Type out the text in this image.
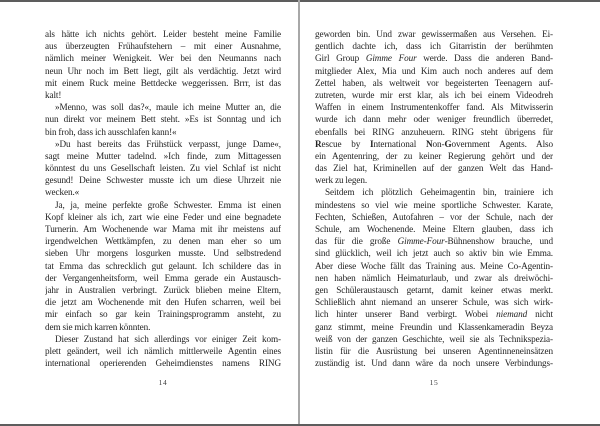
als hätte ich nichts gehört. Leider besteht meine Familie
aus überzeugten Frühaufstehern – mit einer Ausnahme,
nämlich meiner Wenigkeit. Wer bei den Neumanns nach
neun Uhr noch im Bett liegt, gilt als verdächtig. Jetzt wird
mit einem Ruck meine Bettdecke weggerissen. Brrr, ist das
kalt!
»Menno, was soll das?«, maule ich meine Mutter an, die
nun direkt vor meinem Bett steht. »Es ist Sonntag und ich
bin froh, dass ich ausschlafen kann!«
»Du hast bereits das Frühstück verpasst, junge Dame«,
sagt meine Mutter tadelnd. »Ich finde, zum Mittagessen
könntest du uns Gesellschaft leisten. Zu viel Schlaf ist nicht
gesund! Deine Schwester musste ich um diese Uhrzeit nie
wecken.«
Ja, ja, meine perfekte große Schwester. Emma ist einen
Kopf kleiner als ich, zart wie eine Feder und eine begnadete
Turnerin. Am Wochenende war Mama mit ihr meistens auf
irgendwelchen Wettkämpfen, zu denen man eher so um
sieben Uhr morgens losgurken musste. Und selbstredend
tat Emma das schrecklich gut gelaunt. Ich schildere das in
der Vergangenheitsform, weil Emma gerade ein Austausch-
jahr in Australien verbringt. Zurück blieben meine Eltern,
die jetzt am Wochenende mit den Hufen scharren, weil bei
mir einfach so gar kein Trainingsprogramm ansteht, zu
dem sie mich karren könnten.
Dieser Zustand hat sich allerdings vor einiger Zeit kom-
plett geändert, weil ich nämlich mittlerweile Agentin eines
international operierenden Geheimdienstes namens RING
14
geworden bin. Und zwar gewissermaßen aus Versehen. Ei-
gentlich dachte ich, dass ich Gitarristin der berühmten
Girl Group Gimme Four werde. Dass die anderen Band-
mitglieder Alex, Mia und Kim auch noch anderes auf dem
Zettel haben, als weltweit vor begeisterten Teenagern auf-
zutreten, wurde mir erst klar, als ich bei einem Videodreh
Waffen in einem Instrumentenkoffer fand. Als Mitwisserin
wurde ich dann mehr oder weniger freundlich überredet,
ebenfalls bei RING anzuheuern. RING steht übrigens für
Rescue by International Non-Government Agents. Also
ein Agentenring, der zu keiner Regierung gehört und der
das Ziel hat, Kriminellen auf der ganzen Welt das Hand-
werk zu legen.
Seitdem ich plötzlich Geheimagentin bin, trainiere ich
mindestens so viel wie meine sportliche Schwester. Karate,
Fechten, Schießen, Autofahren – vor der Schule, nach der
Schule, am Wochenende. Meine Eltern glauben, dass ich
das für die große Gimme-Four-Bühnenshow brauche, und
sind glücklich, weil ich jetzt auch so aktiv bin wie Emma.
Aber diese Woche fällt das Training aus. Meine Co-Agentin-
nen haben nämlich Heimaturlaub, und zwar als dreiwöchi-
gen Schüleraustausch getarnt, damit keiner etwas merkt.
Schließlich ahnt niemand an unserer Schule, was sich wirk-
lich hinter unserer Band verbirgt. Wobei niemand nicht
ganz stimmt, meine Freundin und Klassenkameradin Beyza
weiß von der ganzen Geschichte, weil sie als Technikspezia-
listin für die Ausrüstung bei unseren Agentinneneinsätzen
zuständig ist. Und dann wäre da noch unsere Verbindungs-
15
